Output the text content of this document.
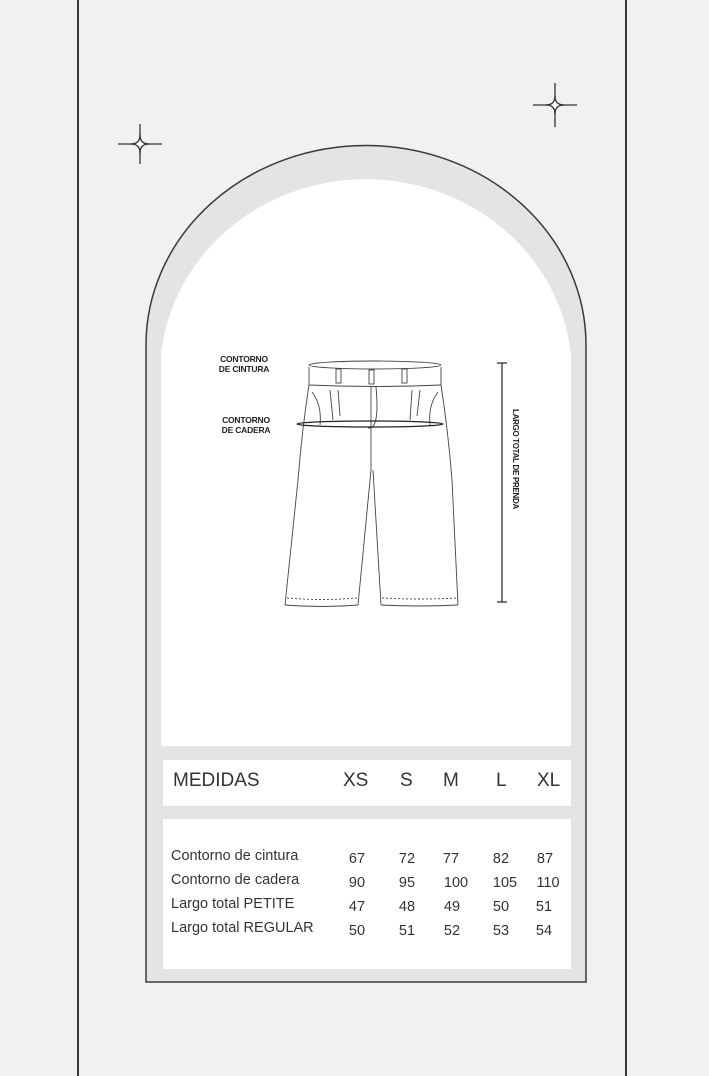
CONTORNO
DE CINTURA
CONTORNO
DE CADERA	LARGO TOTAL DE PRENDA
MEDIDAS	XS S M L XL
Contorno de cintura	67	72	77	82	87
Contorno de cadera	90	95	100	105	110
Largo total PETITE	47	48	49	50	51
Largo total REGULAR	50	51	52	53	54
